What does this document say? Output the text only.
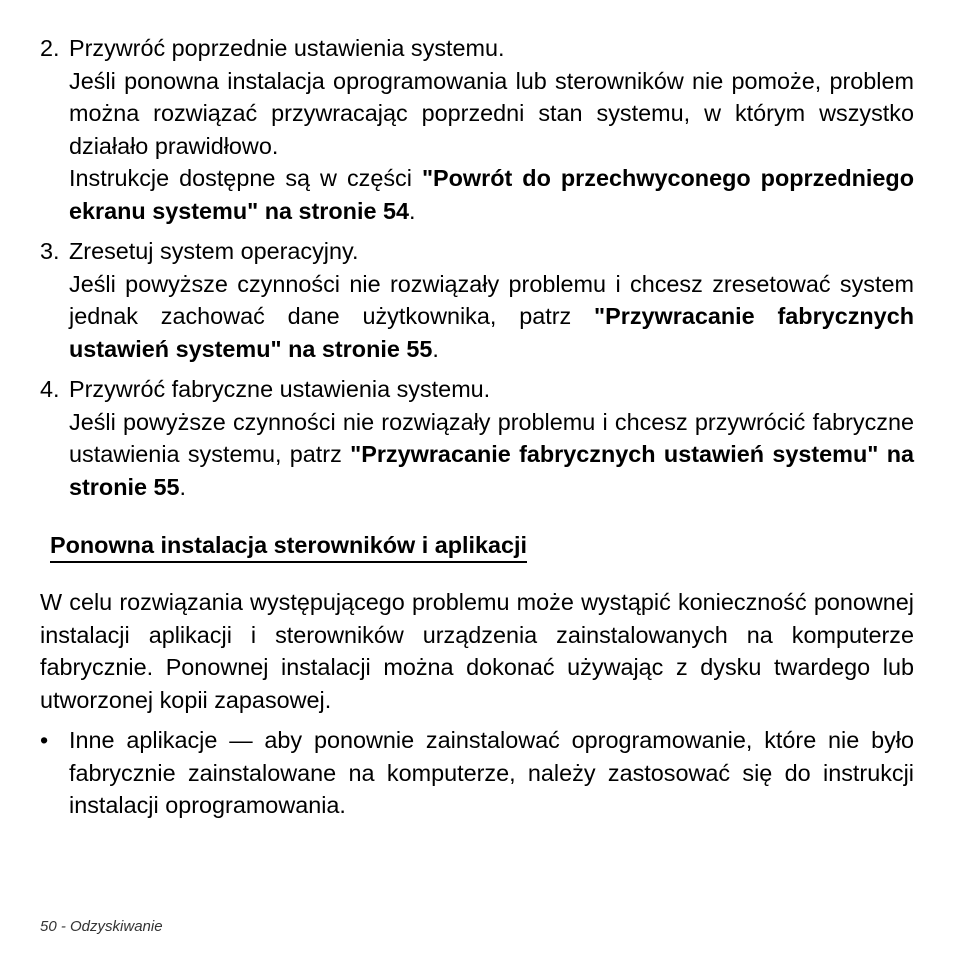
2. Przywróć poprzednie ustawienia systemu.

Jeśli ponowna instalacja oprogramowania lub sterowników nie pomoże, problem można rozwiązać przywracając poprzedni stan systemu, w którym wszystko działało prawidłowo.

Instrukcje dostępne są w części "Powrót do przechwyconego poprzedniego ekranu systemu" na stronie 54.

3. Zresetuj system operacyjny.

Jeśli powyższe czynności nie rozwiązały problemu i chcesz zresetować system jednak zachować dane użytkownika, patrz "Przywracanie fabrycznych ustawień systemu" na stronie 55.

4. Przywróć fabryczne ustawienia systemu.

Jeśli powyższe czynności nie rozwiązały problemu i chcesz przywrócić fabryczne ustawienia systemu, patrz "Przywracanie fabrycznych ustawień systemu" na stronie 55.

Ponowna instalacja sterowników i aplikacji

W celu rozwiązania występującego problemu może wystąpić konieczność ponownej instalacji aplikacji i sterowników urządzenia zainstalowanych na komputerze fabrycznie. Ponownej instalacji można dokonać używając z dysku twardego lub utworzonej kopii zapasowej.

• Inne aplikacje — aby ponownie zainstalować oprogramowanie, które nie było fabrycznie zainstalowane na komputerze, należy zastosować się do instrukcji instalacji oprogramowania.
50 - Odzyskiwanie
